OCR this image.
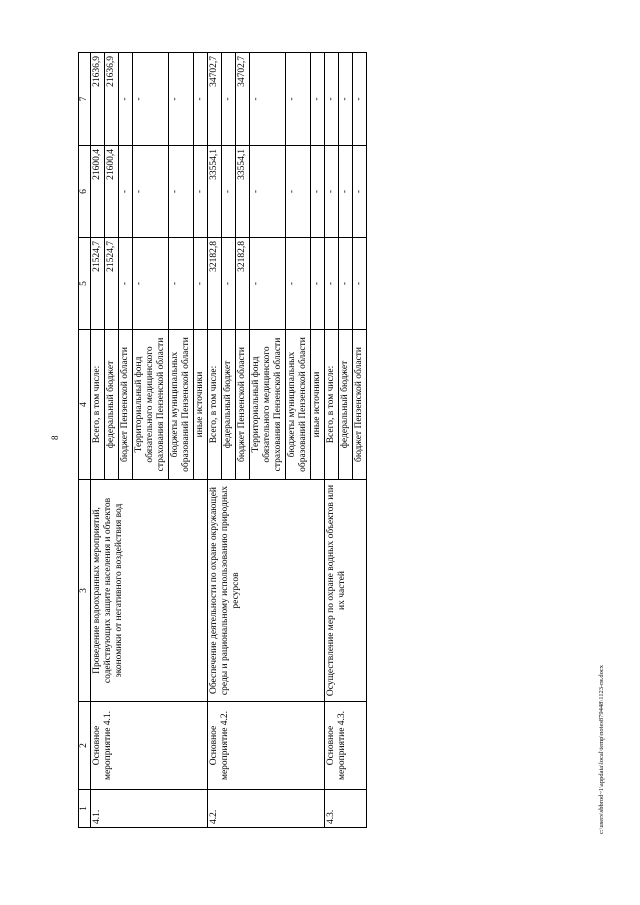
8
c:\users\sbbrod~1\appdata\local\temp\notes879448\1123-rи.docx
1	2	3	4	5	6	7
4.1.	Основное мероприятие 4.1.	Проведение водоохранных мероприятий, содействующих защите населения и объектов экономики от негативного воздействия вод	Всего, в том числе:	21524,7	21600,4	21636,9
			федеральный бюджет	21524,7	21600,4	21636,9
			бюджет Пензенской области	-	-	-
			Территориальный фонд обязательного медицинского страхования Пензенской области	-	-	-
			бюджеты муниципальных образований Пензенской области	-	-	-
			иные источники	-	-	-
4.2.	Основное мероприятие 4.2.	Обеспечение деятельности по охране окружающей среды и рациональному использованию природных ресурсов	Всего, в том числе:	32182,8	33554,1	34702,7
			федеральный бюджет	-	-	-
			бюджет Пензенской области	32182,8	33554,1	34702,7
			Территориальный фонд обязательного медицинского страхования Пензенской области	-	-	-
			бюджеты муниципальных образований Пензенской области	-	-	-
			иные источники	-	-	-
4.3.	Основное мероприятие 4.3.	Осуществление мер по охране водных объектов или их частей	Всего, в том числе:	-	-	-
			федеральный бюджет	-	-	-
			бюджет Пензенской области	-	-	-
